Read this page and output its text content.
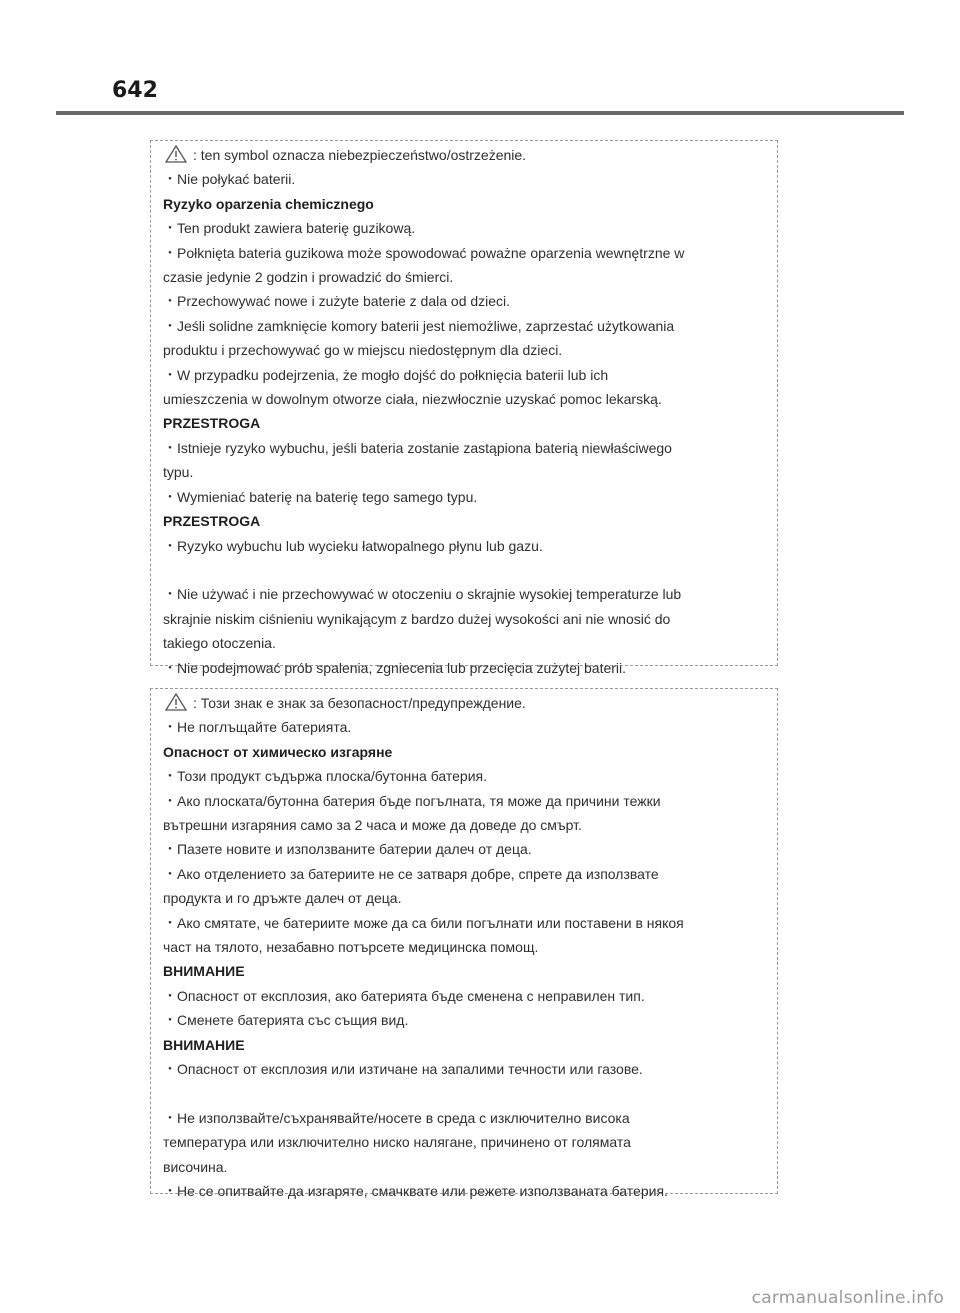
642
: ten symbol oznacza niebezpieczeństwo/ostrzeżenie.
・Nie połykać baterii.
Ryzyko oparzenia chemicznego
・Ten produkt zawiera baterię guzikową.
・Połknięta bateria guzikowa może spowodować poważne oparzenia wewnętrzne w
czasie jedynie 2 godzin i prowadzić do śmierci.
・Przechowywać nowe i zużyte baterie z dala od dzieci.
・Jeśli solidne zamknięcie komory baterii jest niemożliwe, zaprzestać użytkowania
produktu i przechowywać go w miejscu niedostępnym dla dzieci.
・W przypadku podejrzenia, że mogło dojść do połknięcia baterii lub ich
umieszczenia w dowolnym otworze ciała, niezwłocznie uzyskać pomoc lekarską.
PRZESTROGA
・Istnieje ryzyko wybuchu, jeśli bateria zostanie zastąpiona baterią niewłaściwego
typu.
・Wymieniać baterię na baterię tego samego typu.
PRZESTROGA
・Ryzyko wybuchu lub wycieku łatwopalnego płynu lub gazu.
・Nie używać i nie przechowywać w otoczeniu o skrajnie wysokiej temperaturze lub
skrajnie niskim ciśnieniu wynikającym z bardzo dużej wysokości ani nie wnosić do
takiego otoczenia.
・Nie podejmować prób spalenia, zgniecenia lub przecięcia zużytej baterii.
: Този знак е знак за безопасност/предупреждение.
・Не поглъщайте батерията.
Опасност от химическо изгаряне
・Този продукт съдържа плоска/бутонна батерия.
・Ако плоската/бутонна батерия бъде погълната, тя може да причини тежки
вътрешни изгаряния само за 2 часа и може да доведе до смърт.
・Пазете новите и използваните батерии далеч от деца.
・Ако отделението за батериите не се затваря добре, спрете да използвате
продукта и го дръжте далеч от деца.
・Ако смятате, че батериите може да са били погълнати или поставени в някоя
част на тялото, незабавно потърсете медицинска помощ.
ВНИМАНИЕ
・Опасност от експлозия, ако батерията бъде сменена с неправилен тип.
・Сменете батерията със същия вид.
ВНИМАНИЕ
・Опасност от експлозия или изтичане на запалими течности или газове.
・Не използвайте/съхранявайте/носете в среда с изключително висока
температура или изключително ниско налягане, причинено от голямата
височина.
・Не се опитвайте да изгаряте, смачквате или режете използваната батерия.
carmanualsonline.info
